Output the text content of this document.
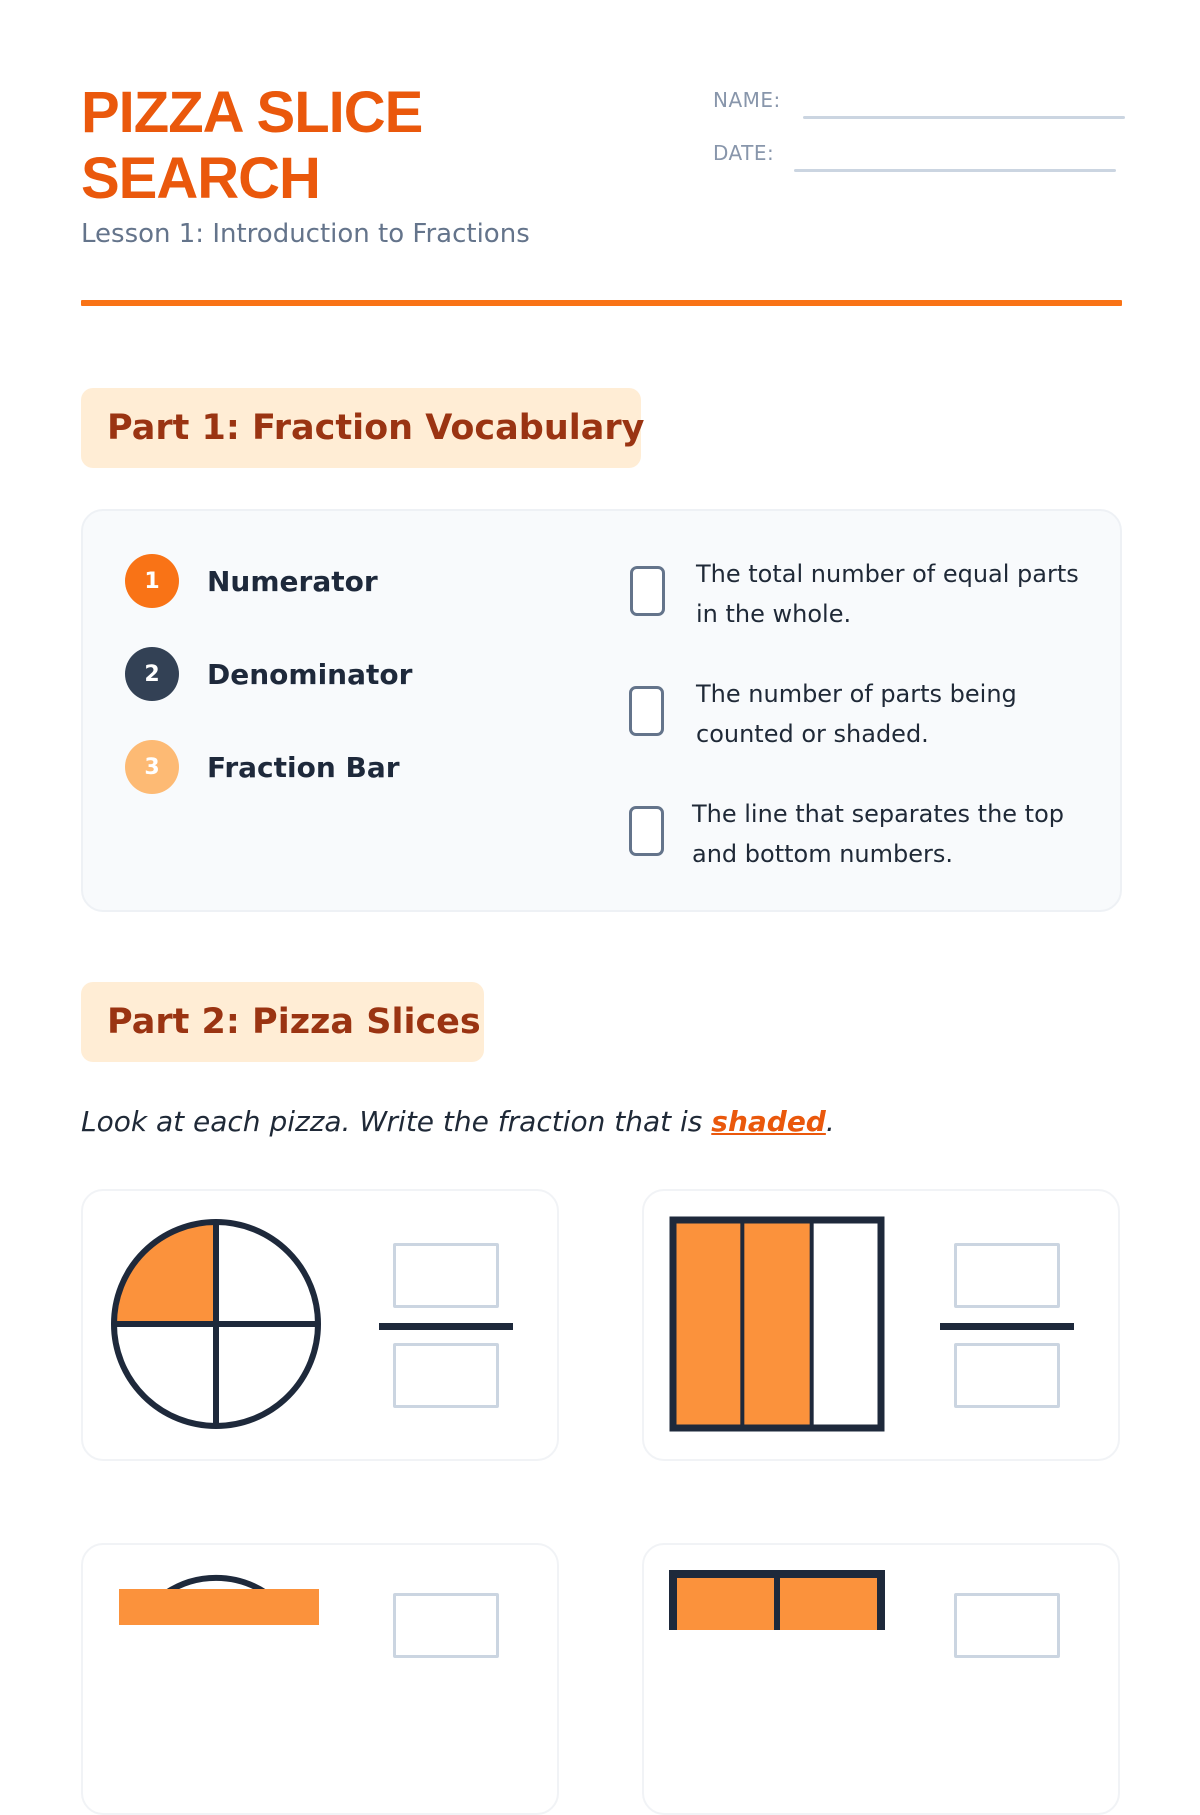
PIZZA SLICE SEARCH
Lesson 1: Introduction to Fractions
NAME:
DATE:
Part 1: Fraction Vocabulary
1	Numerator
2	Denominator
3	Fraction Bar
The total number of equal parts in the whole.
The number of parts being counted or shaded.
The line that separates the top and bottom numbers.
Part 2: Pizza Slices
Look at each pizza. Write the fraction that is shaded.
